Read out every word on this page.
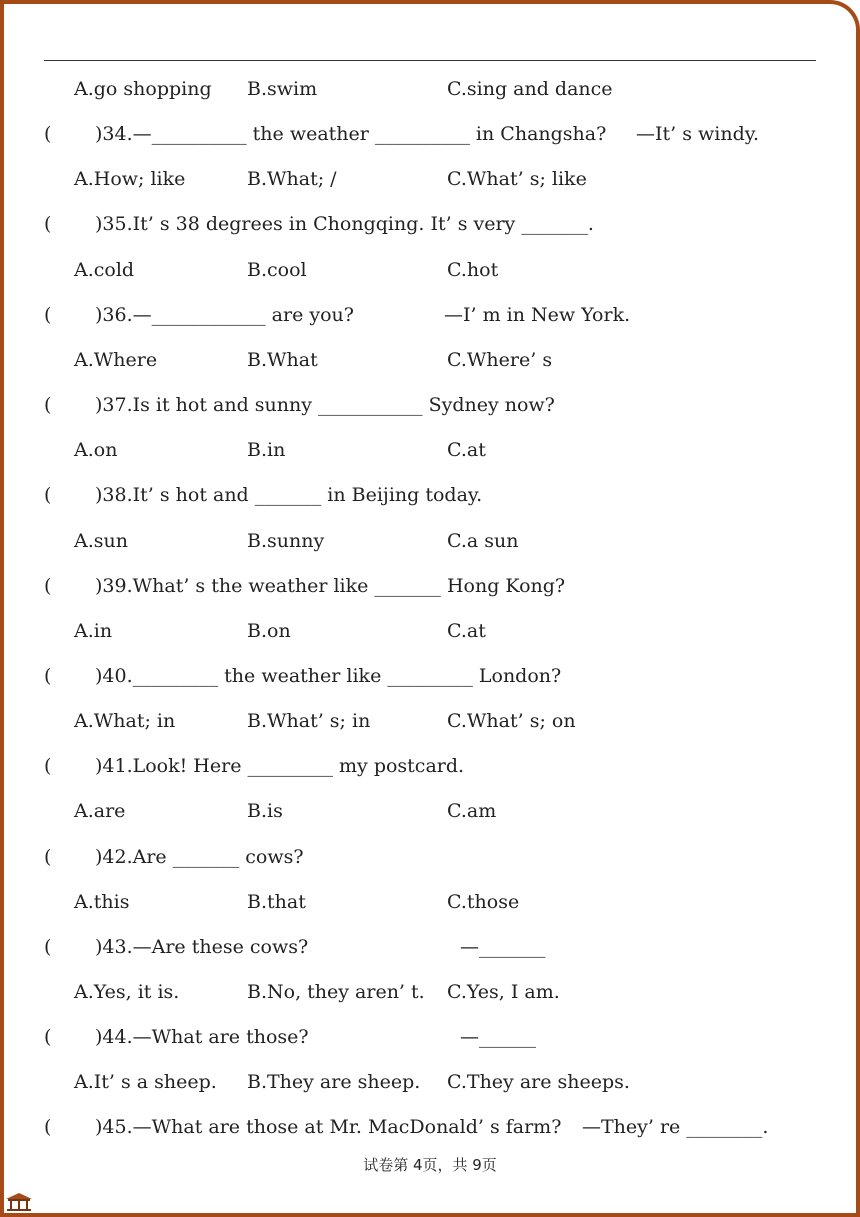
A.go shopping B.swim	C.sing and dance
( )34.—__________ the weather __________ in Changsha? —It’ s windy.
A.How; like	B.What; /	C.What’ s; like
( )35.It’ s 38 degrees in Chongqing. It’ s very _______.
A.cold	B.cool	C.hot
( )36.—____________ are you?	—I’ m in New York.
A.Where	B.What	C.Where’ s
( )37.Is it hot and sunny ___________ Sydney now?
A.on	B.in	C.at
( )38.It’ s hot and _______ in Beijing today.
A.sun	B.sunny	C.a sun
( )39.What’ s the weather like _______ Hong Kong?
A.in	B.on	C.at
( )40._________ the weather like _________ London?
A.What; in	B.What’ s; in	C.What’ s; on
( )41.Look! Here _________ my postcard.
A.are	B.is	C.am
( )42.Are _______ cows?
A.this	B.that	C.those
( )43.—Are these cows?	—_______
A.Yes, it is.	B.No, they aren’ t. C.Yes, I am.
( )44.—What are those?	—______
A.It’ s a sheep. B.They are sheep. C.They are sheeps.
( )45.—What are those at Mr. MacDonald’ s farm? —They’ re ________.
试卷第 4页，共 9页
